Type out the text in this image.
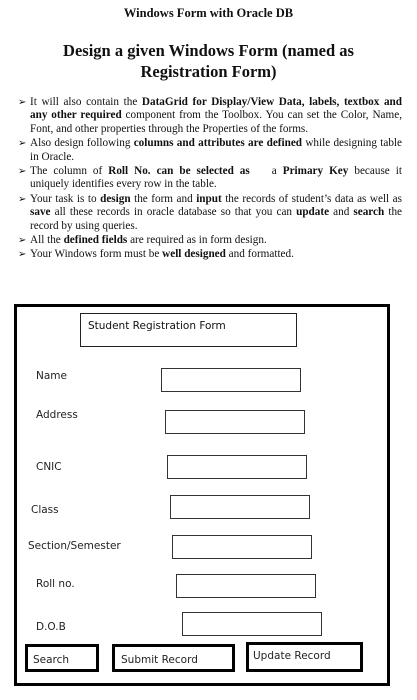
Windows Form with Oracle DB
Design a given Windows Form (named as
Registration Form)
➢ It will also contain the DataGrid for Display/View Data, labels, textbox and any other required component from the Toolbox. You can set the Color, Name, Font, and other properties through the Properties of the forms.
➢ Also design following columns and attributes are defined while designing table in Oracle.
➢ The column of Roll No. can be selected as a Primary Key because it uniquely identifies every row in the table.
➢ Your task is to design the form and input the records of student’s data as well as save all these records in oracle database so that you can update and search the record by using queries.
➢ All the defined fields are required as in form design.
➢ Your Windows form must be well designed and formatted.
Student Registration Form
Name
Address
CNIC
Class
Section/Semester
Roll no.
D.O.B
Search	Submit Record	Update Record
